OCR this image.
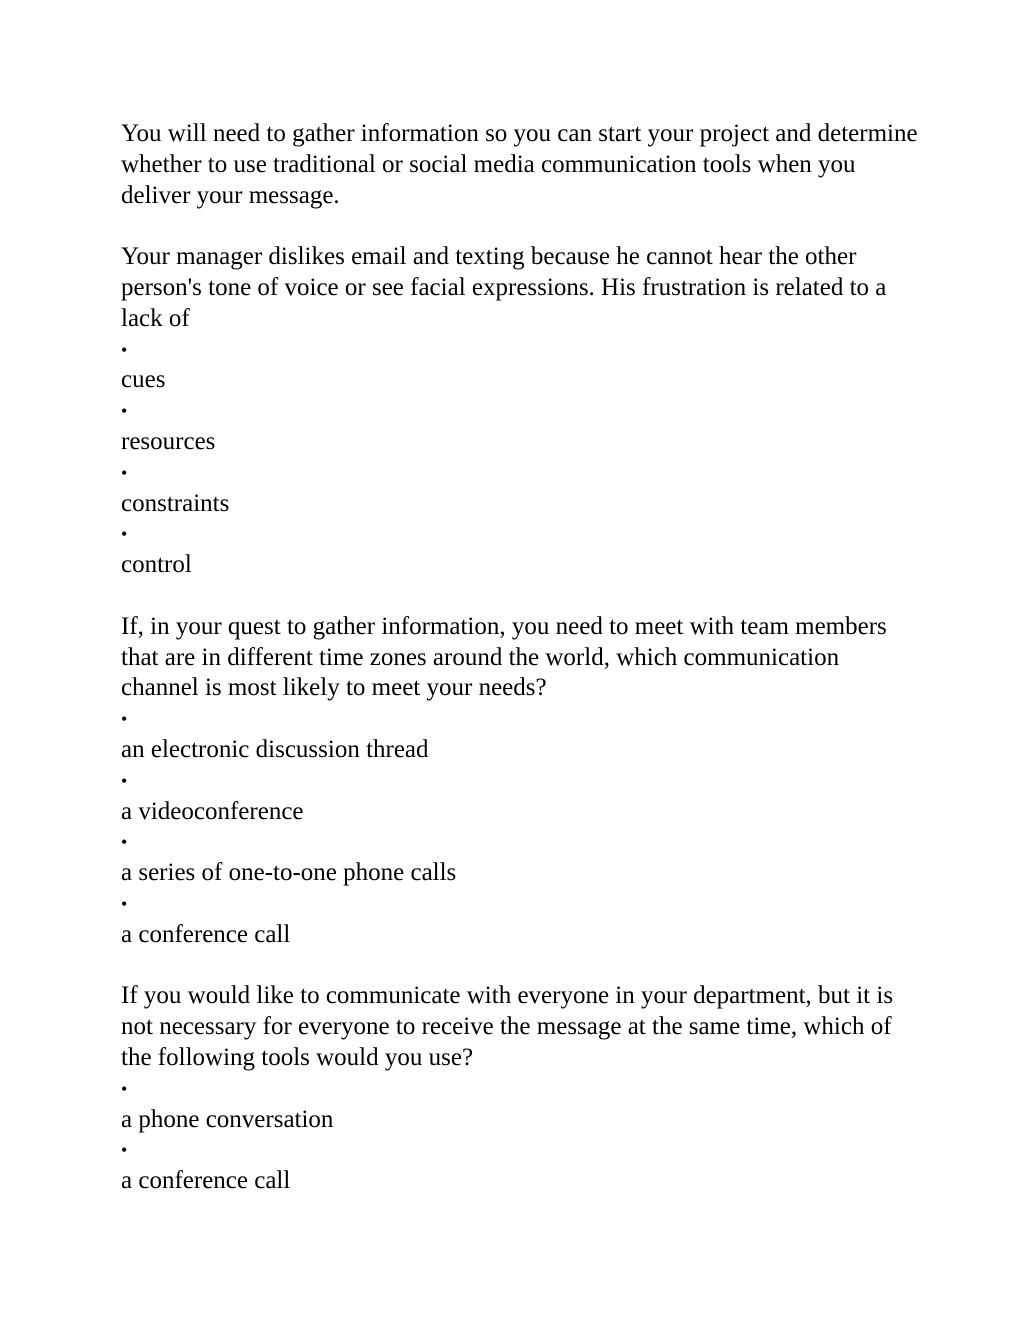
You will need to gather information so you can start your project and determine whether to use traditional or social media communication tools when you deliver your message.

Your manager dislikes email and texting because he cannot hear the other person's tone of voice or see facial expressions. His frustration is related to a lack of

•
cues
•
resources
•
constraints
•
control

If, in your quest to gather information, you need to meet with team members that are in different time zones around the world, which communication channel is most likely to meet your needs?

•
an electronic discussion thread
•
a videoconference
•
a series of one-to-one phone calls
•
a conference call

If you would like to communicate with everyone in your department, but it is not necessary for everyone to receive the message at the same time, which of the following tools would you use?

•
a phone conversation
•
a conference call
